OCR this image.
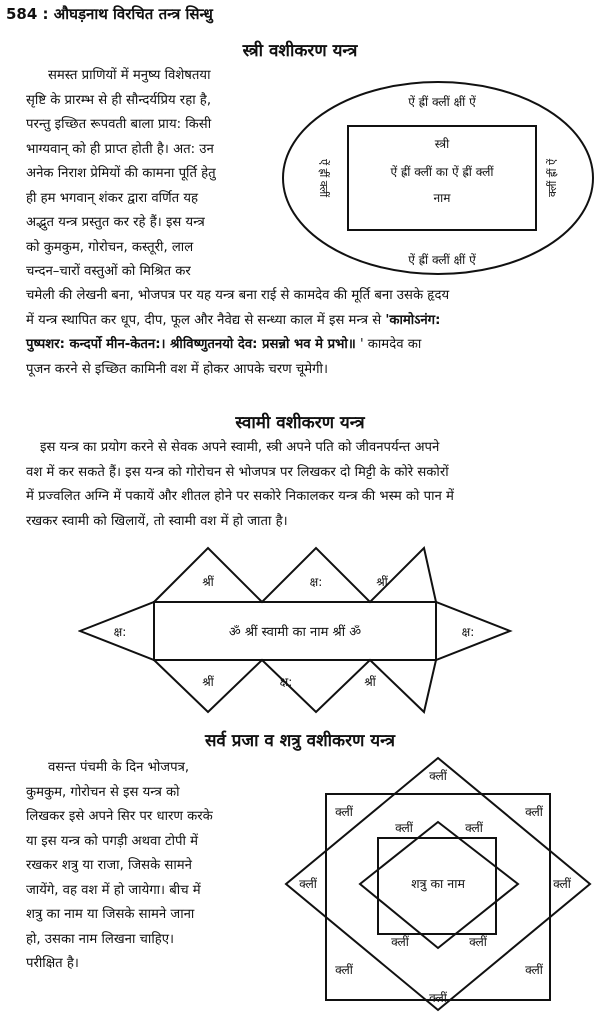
584 : औघड़नाथ विरचित तन्त्र सिन्धु
स्त्री वशीकरण यन्त्र
समस्त प्राणियों में मनुष्य विशेषतया
सृष्टि के प्रारम्भ से ही सौन्दर्यप्रिय रहा है,
परन्तु इच्छित रूपवती बाला प्राय: किसी
भाग्यवान् को ही प्राप्त होती है। अत: उन
अनेक निराश प्रेमियों की कामना पूर्ति हेतु
ही हम भगवान् शंकर द्वारा वर्णित यह
अद्भुत यन्त्र प्रस्तुत कर रहे हैं। इस यन्त्र
को कुमकुम, गोरोचन, कस्तूरी, लाल
चन्दन–चारों वस्तुओं को मिश्रित कर
ऐं ह्रीं क्लीं क्षीं ऐं
ऐं ह्रीं क्लीं क्षीं ऐं
स्त्री
ऐं ह्रीं क्लीं का ऐं ह्रीं क्लीं
नाम
ऐं ह्रीं क्लीं	क्लीं ह्रीं ऐं
चमेली की लेखनी बना, भोजपत्र पर यह यन्त्र बना राई से कामदेव की मूर्ति बना उसके हृदय
में यन्त्र स्थापित कर धूप, दीप, फूल और नैवेद्य से सन्ध्या काल में इस मन्त्र से 'कामोऽनंग:
पुष्पशर: कन्दर्पो मीन-केतन:। श्रीविष्णुतनयो देव: प्रसन्नो भव मे प्रभो॥ ' कामदेव का
पूजन करने से इच्छित कामिनी वश में होकर आपके चरण चूमेगी।
स्वामी वशीकरण यन्त्र
इस यन्त्र का प्रयोग करने से सेवक अपने स्वामी, स्त्री अपने पति को जीवनपर्यन्त अपने
वश में कर सकते हैं। इस यन्त्र को गोरोचन से भोजपत्र पर लिखकर दो मिट्टी के कोरे सकोरों
में प्रज्वलित अग्नि में पकायें और शीतल होने पर सकोरे निकालकर यन्त्र की भस्म को पान में
रखकर स्वामी को खिलायें, तो स्वामी वश में हो जाता है।
श्रीं	क्ष:	श्रीं
ॐ श्रीं स्वामी का नाम श्रीं ॐ
क्ष:	क्ष:
श्रीं	क्ष:	श्रीं
सर्व प्रजा व शत्रु वशीकरण यन्त्र
वसन्त पंचमी के दिन भोजपत्र,
कुमकुम, गोरोचन से इस यन्त्र को
लिखकर इसे अपने सिर पर धारण करके
या इस यन्त्र को पगड़ी अथवा टोपी में
रखकर शत्रु या राजा, जिसके सामने
जायेंगे, वह वश में हो जायेगा। बीच में
शत्रु का नाम या जिसके सामने जाना
हो, उसका नाम लिखना चाहिए।
परीक्षित है।
क्लीं
क्लीं	क्लीं
क्लीं	क्लीं
क्लीं	क्लीं
शत्रु का नाम
क्लीं	क्लीं
क्लीं	क्लीं
क्लीं
